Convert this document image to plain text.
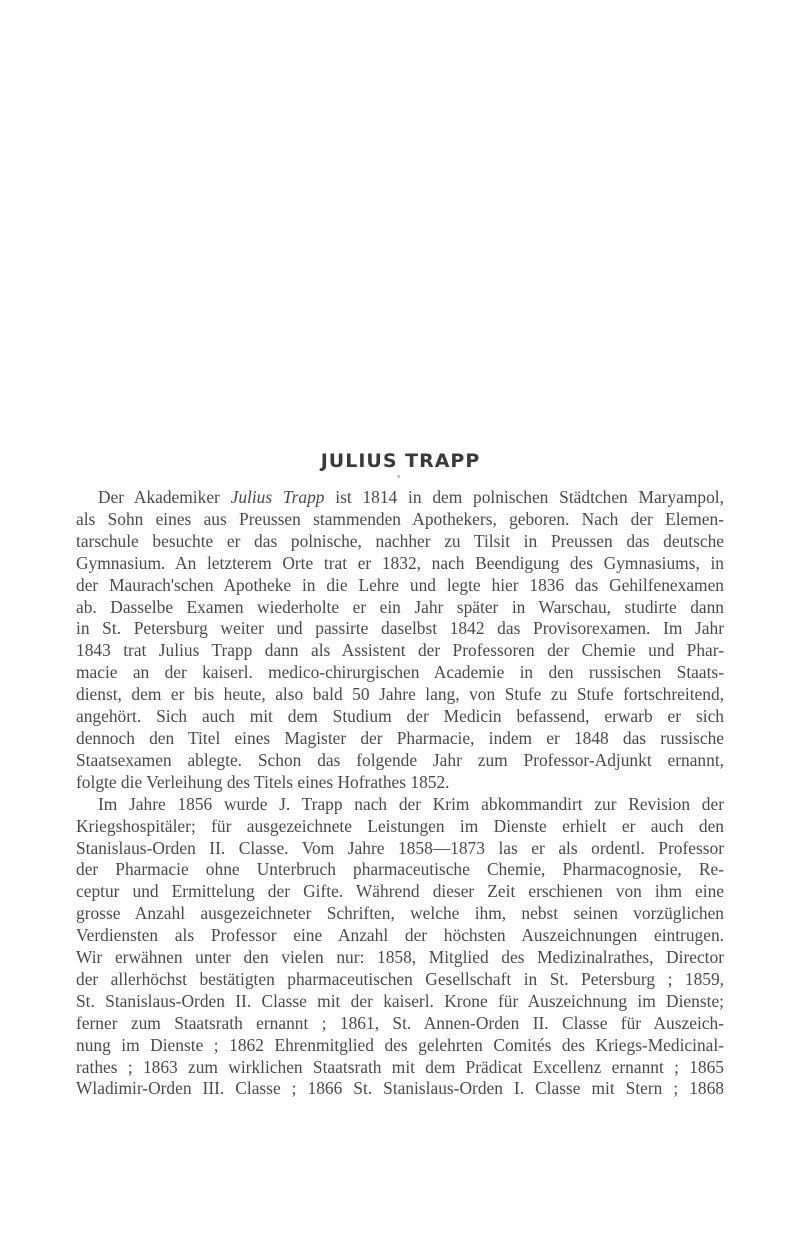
JULIUS TRAPP

Der Akademiker Julius Trapp ist 1814 in dem polnischen Städtchen Maryampol,
als Sohn eines aus Preussen stammenden Apothekers, geboren. Nach der Elemen-
tarschule besuchte er das polnische, nachher zu Tilsit in Preussen das deutsche
Gymnasium. An letzterem Orte trat er 1832, nach Beendigung des Gymnasiums, in
der Maurach'schen Apotheke in die Lehre und legte hier 1836 das Gehilfenexamen
ab. Dasselbe Examen wiederholte er ein Jahr später in Warschau, studirte dann
in St. Petersburg weiter und passirte daselbst 1842 das Provisorexamen. Im Jahr
1843 trat Julius Trapp dann als Assistent der Professoren der Chemie und Phar-
macie an der kaiserl. medico-chirurgischen Academie in den russischen Staats-
dienst, dem er bis heute, also bald 50 Jahre lang, von Stufe zu Stufe fortschreitend,
angehört. Sich auch mit dem Studium der Medicin befassend, erwarb er sich
dennoch den Titel eines Magister der Pharmacie, indem er 1848 das russische
Staatsexamen ablegte. Schon das folgende Jahr zum Professor-Adjunkt ernannt,
folgte die Verleihung des Titels eines Hofrathes 1852.

Im Jahre 1856 wurde J. Trapp nach der Krim abkommandirt zur Revision der
Kriegshospitäler; für ausgezeichnete Leistungen im Dienste erhielt er auch den
Stanislaus-Orden II. Classe. Vom Jahre 1858—1873 las er als ordentl. Professor
der Pharmacie ohne Unterbruch pharmaceutische Chemie, Pharmacognosie, Re-
ceptur und Ermittelung der Gifte. Während dieser Zeit erschienen von ihm eine
grosse Anzahl ausgezeichneter Schriften, welche ihm, nebst seinen vorzüglichen
Verdiensten als Professor eine Anzahl der höchsten Auszeichnungen eintrugen.
Wir erwähnen unter den vielen nur: 1858, Mitglied des Medizinalrathes, Director
der allerhöchst bestätigten pharmaceutischen Gesellschaft in St. Petersburg ; 1859,
St. Stanislaus-Orden II. Classe mit der kaiserl. Krone für Auszeichnung im Dienste;
ferner zum Staatsrath ernannt ; 1861, St. Annen-Orden II. Classe für Auszeich-
nung im Dienste ; 1862 Ehrenmitglied des gelehrten Comités des Kriegs-Medicinal-
rathes ; 1863 zum wirklichen Staatsrath mit dem Prädicat Excellenz ernannt ; 1865
Wladimir-Orden III. Classe ; 1866 St. Stanislaus-Orden I. Classe mit Stern ; 1868
